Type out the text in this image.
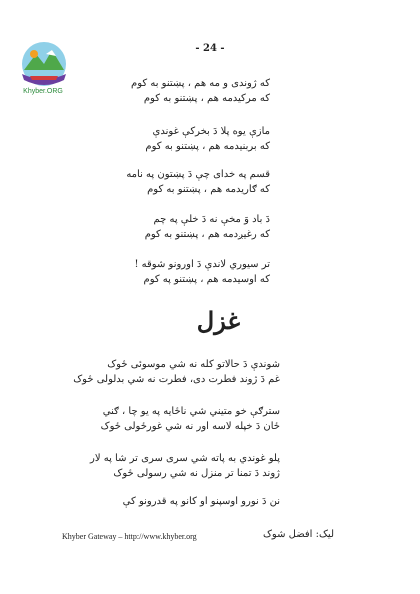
Khyber.ORG
- 24 -
که ژوندی و مه هم ، پښتنو به کوم
که مرکیدمه هم ، پښتنو به کوم
مازې يوه پلا دَ بخرکې غوندې
که بربنیدمه هم ، پښتنو به کوم
قسم په خدای چې دَ پښتون په نامه
که ګاریدمه هم ، پښتنو به کوم
دَ باد وَ مخې نه دَ خلې په چم
که رغیږدمه هم ، پښتنو به کوم
تر سیوري لاندې دَ اورونو شوقه !
که اوسیدمه هم ، پښتنو په کوم
غزل
شوندې دَ حالاتو کله نه شي موسوئی ځوک
غم دَ ژوند فطرت دی، فطرت نه شي بدلولی ځوک
سترګې خو متیني شي ناځایه په یو چا ، ګني
ځان دَ خپله لاسه اور نه شي غورځولی ځوک
پلو غوندي به پاته شي سری سری تر شا په لار
ژوند دَ تمنا تر منزل نه شي رسولی ځوک
نن دَ نورو اوسپنو او کانو په قدرونو کې
Khyber Gateway – http://www.khyber.org	لیک: افضل شوک
